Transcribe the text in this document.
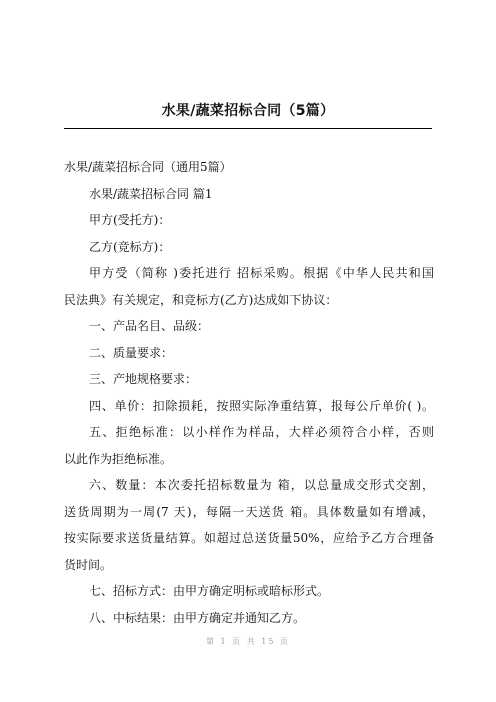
水果/蔬菜招标合同（5篇）
水果/蔬菜招标合同（通用5篇）
水果/蔬菜招标合同 篇1
甲方(受托方)：
乙方(竞标方)：
甲方受（简称 )委托进行 招标采购。根据《中华人民共和国
民法典》有关规定，和竞标方(乙方)达成如下协议：
一、产品名目、品级：
二、质量要求：
三、产地规格要求：
四、单价：扣除损耗，按照实际净重结算，报每公斤单价( )。
五、拒绝标准：以小样作为样品，大样必须符合小样，否则
以此作为拒绝标准。
六、数量：本次委托招标数量为 箱，以总量成交形式交割，
送货周期为一周(7 天)，每隔一天送货 箱。具体数量如有增减，
按实际要求送货量结算。如超过总送货量50%，应给予乙方合理备
货时间。
七、招标方式：由甲方确定明标或暗标形式。
八、中标结果：由甲方确定并通知乙方。
第 1 页 共 15 页
